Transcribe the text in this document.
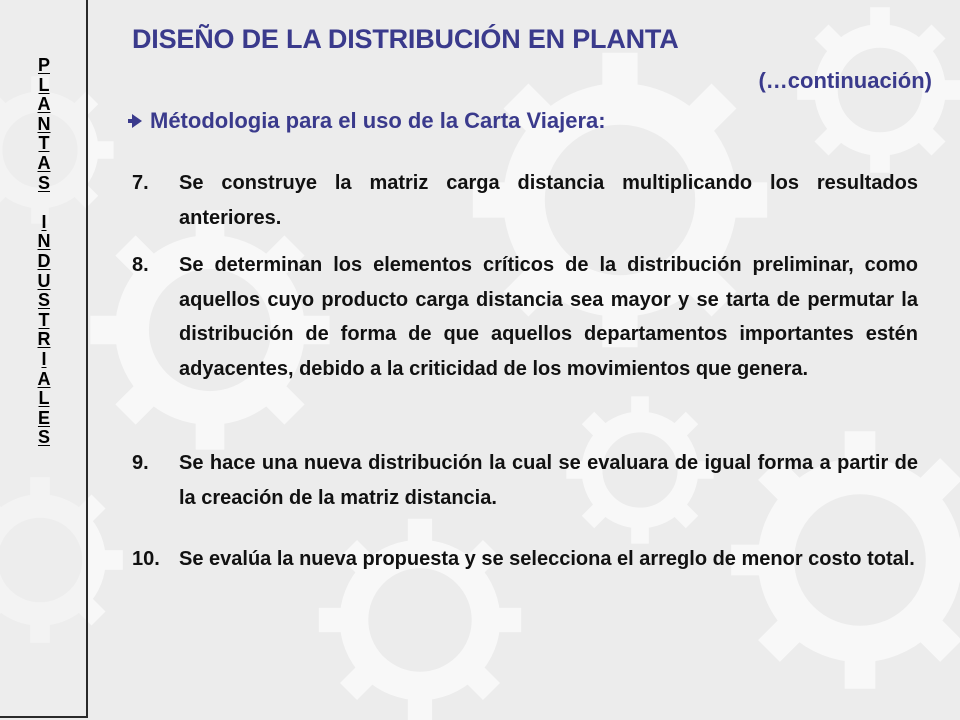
P
L
A
N
T
A
S
I
N
D
U
S
T
R
I
A
L
E
S
DISEÑO DE LA DISTRIBUCIÓN EN PLANTA
(…continuación)
Métodologia para el uso de la Carta Viajera:
7.	Se construye la matriz carga distancia multiplicando los resultados anteriores.
8.	Se determinan los elementos críticos de la distribución preliminar, como aquellos cuyo producto carga distancia sea mayor y se tarta de permutar la distribución de forma de que aquellos departamentos importantes estén adyacentes, debido a la criticidad de los movimientos que genera.
9.	Se hace una nueva distribución la cual se evaluara de igual forma a partir de la creación de la matriz distancia.
10. Se evalúa la nueva propuesta y se selecciona el arreglo de menor costo total.
